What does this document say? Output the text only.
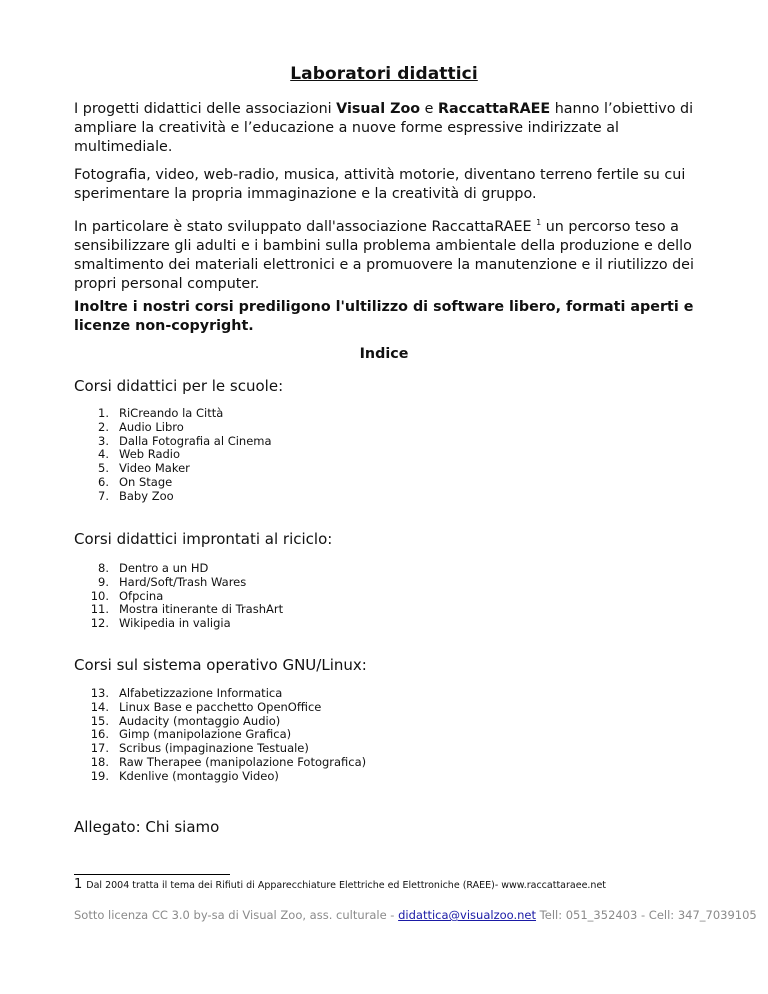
Laboratori didattici
I progetti didattici delle associazioni Visual Zoo e RaccattaRAEE hanno l’obiettivo di ampliare la creatività e l’educazione a nuove forme espressive indirizzate al multimediale.
Fotografia, video, web-radio, musica, attività motorie, diventano terreno fertile su cui sperimentare la propria immaginazione e la creatività di gruppo.
In particolare è stato sviluppato dall'associazione RaccattaRAEE $^1$ un percorso teso a sensibilizzare gli adulti e i bambini sulla problema ambientale della produzione e dello smaltimento dei materiali elettronici e a promuovere la manutenzione e il riutilizzo dei propri personal computer.
Inoltre i nostri corsi prediligono l'ultilizzo di software libero, formati aperti e licenze non-copyright.
Indice
Corsi didattici per le scuole:
1. RiCreando la Città
2. Audio Libro
3. Dalla Fotografia al Cinema
4. Web Radio
5. Video Maker
6. On Stage
7. Baby Zoo
Corsi didattici improntati al riciclo:
8. Dentro a un HD
9. Hard/Soft/Trash Wares
10. Ofpcina
11. Mostra itinerante di TrashArt
12. Wikipedia in valigia
Corsi sul sistema operativo GNU/Linux:
13. Alfabetizzazione Informatica
14. Linux Base e pacchetto OpenOffice
15. Audacity (montaggio Audio)
16. Gimp (manipolazione Grafica)
17. Scribus (impaginazione Testuale)
18. Raw Therapee (manipolazione Fotografica)
19. Kdenlive (montaggio Video)
Allegato: Chi siamo
1 Dal 2004 tratta il tema dei Rifiuti di Apparecchiature Elettriche ed Elettroniche (RAEE)- www.raccattaraee.net
Sotto licenza CC 3.0 by-sa di Visual Zoo, ass. culturale - didattica@visualzoo.net Tell: 051_352403 - Cell: 347_7039105
